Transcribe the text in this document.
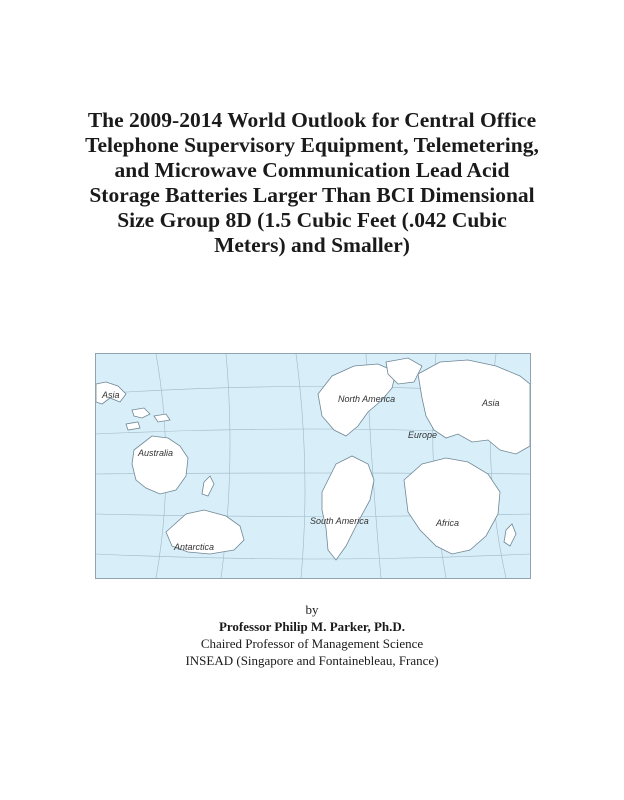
The 2009-2014 World Outlook for Central Office
Telephone Supervisory Equipment, Telemetering,
and Microwave Communication Lead Acid
Storage Batteries Larger Than BCI Dimensional
Size Group 8D (1.5 Cubic Feet (.042 Cubic
Meters) and Smaller)
Asia
Australia
Antarctica
North America
South America
Asia
Europe
Africa
by
Professor Philip M. Parker, Ph.D.
Chaired Professor of Management Science
INSEAD (Singapore and Fontainebleau, France)
